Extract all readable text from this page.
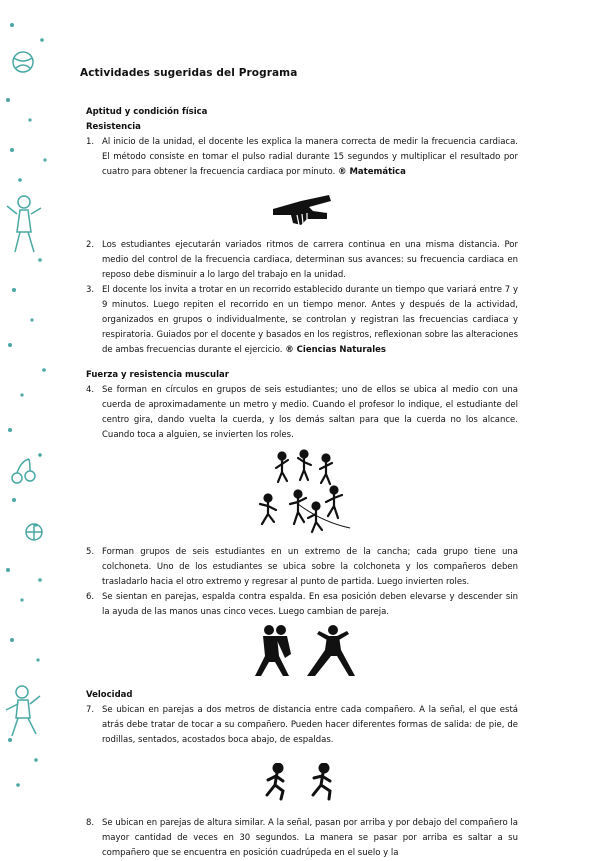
Actividades sugeridas del Programa

Aptitud y condición física

Resistencia

1. Al inicio de la unidad, el docente les explica la manera correcta de medir la frecuencia cardiaca. El método consiste en tomar el pulso radial durante 15 segundos y multiplicar el resultado por cuatro para obtener la frecuencia cardiaca por minuto. ® Matemática
2. Los estudiantes ejecutarán variados ritmos de carrera continua en una misma distancia. Por medio del control de la frecuencia cardiaca, determinan sus avances: su frecuencia cardiaca en reposo debe disminuir a lo largo del trabajo en la unidad.
3. El docente los invita a trotar en un recorrido establecido durante un tiempo que variará entre 7 y 9 minutos. Luego repiten el recorrido en un tiempo menor. Antes y después de la actividad, organizados en grupos o individualmente, se controlan y registran las frecuencias cardiaca y respiratoria. Guiados por el docente y basados en los registros, reflexionan sobre las alteraciones de ambas frecuencias durante el ejercicio. ® Ciencias Naturales

Fuerza y resistencia muscular

4. Se forman en círculos en grupos de seis estudiantes; uno de ellos se ubica al medio con una cuerda de aproximadamente un metro y medio. Cuando el profesor lo indique, el estudiante del centro gira, dando vuelta la cuerda, y los demás saltan para que la cuerda no los alcance. Cuando toca a alguien, se invierten los roles.
5. Forman grupos de seis estudiantes en un extremo de la cancha; cada grupo tiene una colchoneta. Uno de los estudiantes se ubica sobre la colchoneta y los compañeros deben trasladarlo hacia el otro extremo y regresar al punto de partida. Luego invierten roles.
6. Se sientan en parejas, espalda contra espalda. En esa posición deben elevarse y descender sin la ayuda de las manos unas cinco veces. Luego cambian de pareja.

Velocidad

7. Se ubican en parejas a dos metros de distancia entre cada compañero. A la señal, el que está atrás debe tratar de tocar a su compañero. Pueden hacer diferentes formas de salida: de pie, de rodillas, sentados, acostados boca abajo, de espaldas.
8. Se ubican en parejas de altura similar. A la señal, pasan por arriba y por debajo del compañero la mayor cantidad de veces en 30 segundos. La manera se pasar por arriba es saltar a su compañero que se encuentra en posición cuadrúpeda en el suelo y la
